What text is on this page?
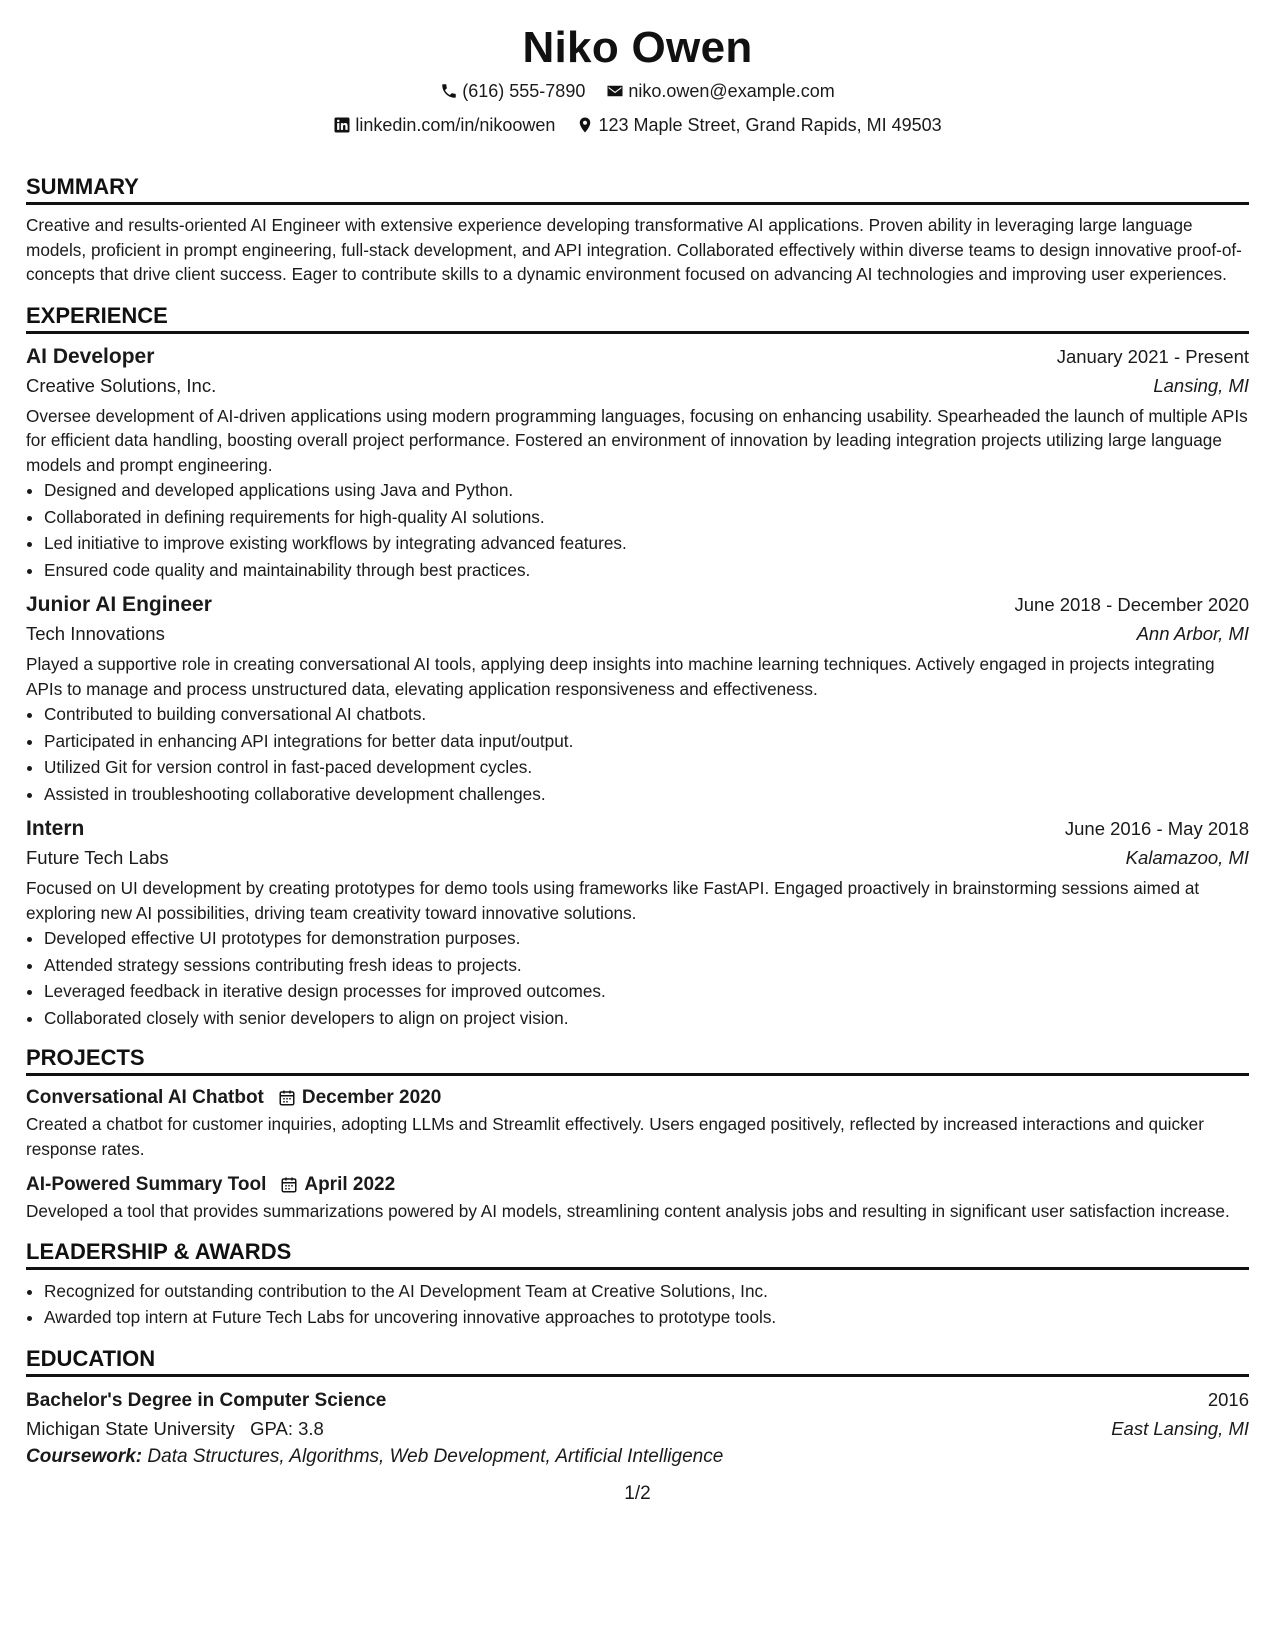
Niko Owen
(616) 555-7890
niko.owen@example.com
linkedin.com/in/nikoowen
123 Maple Street, Grand Rapids, MI 49503
SUMMARY

Creative and results-oriented AI Engineer with extensive experience developing transformative AI applications. Proven ability in leveraging large language models, proficient in prompt engineering, full-stack development, and API integration. Collaborated effectively within diverse teams to design innovative proof-of-concepts that drive client success. Eager to contribute skills to a dynamic environment focused on advancing AI technologies and improving user experiences.

EXPERIENCE
AI Developer	January 2021 - Present
Creative Solutions, Inc.	Lansing, MI

Oversee development of AI-driven applications using modern programming languages, focusing on enhancing usability. Spearheaded the launch of multiple APIs for efficient data handling, boosting overall project performance. Fostered an environment of innovation by leading integration projects utilizing large language models and prompt engineering.

• Designed and developed applications using Java and Python.
• Collaborated in defining requirements for high-quality AI solutions.
• Led initiative to improve existing workflows by integrating advanced features.
• Ensured code quality and maintainability through best practices.
Junior AI Engineer	June 2018 - December 2020
Tech Innovations	Ann Arbor, MI

Played a supportive role in creating conversational AI tools, applying deep insights into machine learning techniques. Actively engaged in projects integrating APIs to manage and process unstructured data, elevating application responsiveness and effectiveness.

• Contributed to building conversational AI chatbots.
• Participated in enhancing API integrations for better data input/output.
• Utilized Git for version control in fast-paced development cycles.
• Assisted in troubleshooting collaborative development challenges.
Intern	June 2016 - May 2018
Future Tech Labs	Kalamazoo, MI

Focused on UI development by creating prototypes for demo tools using frameworks like FastAPI. Engaged proactively in brainstorming sessions aimed at exploring new AI possibilities, driving team creativity toward innovative solutions.

• Developed effective UI prototypes for demonstration purposes.
• Attended strategy sessions contributing fresh ideas to projects.
• Leveraged feedback in iterative design processes for improved outcomes.
• Collaborated closely with senior developers to align on project vision.
PROJECTS
Conversational AI Chatbot December 2020

Created a chatbot for customer inquiries, adopting LLMs and Streamlit effectively. Users engaged positively, reflected by increased interactions and quicker response rates.

AI-Powered Summary Tool April 2022

Developed a tool that provides summarizations powered by AI models, streamlining content analysis jobs and resulting in significant user satisfaction increase.

LEADERSHIP & AWARDS
• Recognized for outstanding contribution to the AI Development Team at Creative Solutions, Inc.
• Awarded top intern at Future Tech Labs for uncovering innovative approaches to prototype tools.
EDUCATION
Bachelor's Degree in Computer Science	2016
Michigan State University GPA: 3.8	East Lansing, MI
Coursework: Data Structures, Algorithms, Web Development, Artificial Intelligence
1/2
